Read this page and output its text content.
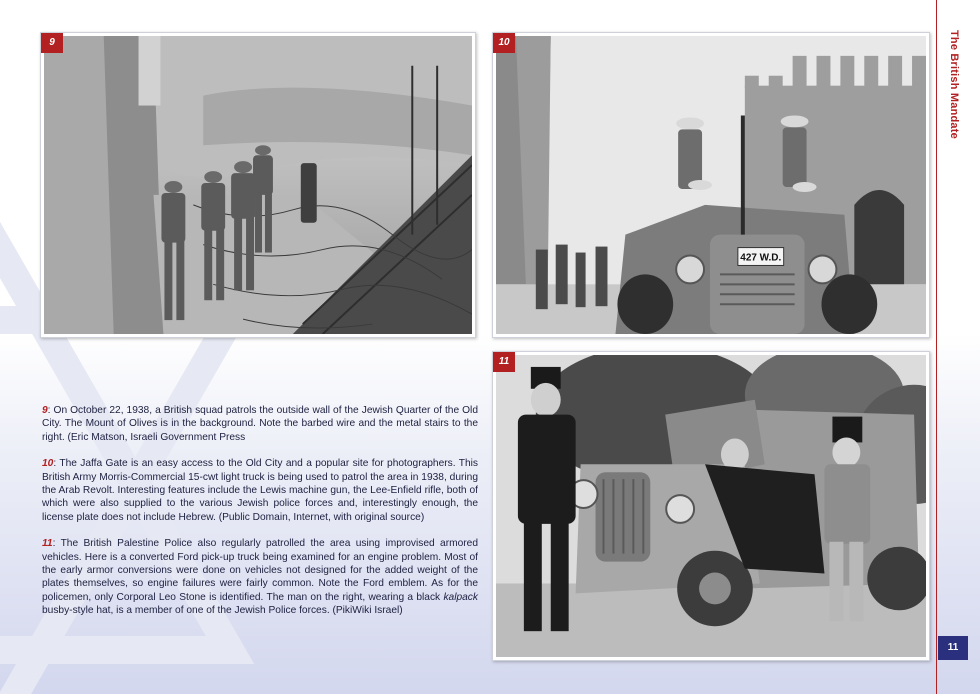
9
427 W.D.
10
11

9: On October 22, 1938, a British squad patrols the outside wall of the Jewish Quarter of the Old City. The Mount of Olives is in the background. Note the barbed wire and the metal stairs to the right. (Eric Matson, Israeli Government Press

10: The Jaffa Gate is an easy access to the Old City and a popular site for photographers. This British Army Morris-Commercial 15-cwt light truck is being used to patrol the area in 1938, during the Arab Revolt. Interesting features include the Lewis machine gun, the Lee-Enfield rifle, both of which were also supplied to the various Jewish police forces and, interestingly enough, the license plate does not include Hebrew. (Public Domain, Internet, with original source)

11: The British Palestine Police also regularly patrolled the area using improvised armored vehicles. Here is a converted Ford pick-up truck being examined for an engine problem. Most of the early armor conversions were done on vehicles not designed for the added weight of the plates themselves, so engine failures were fairly common. Note the Ford emblem. As for the policemen, only Corporal Leo Stone is identified. The man on the right, wearing a black kalpack busby-style hat, is a member of one of the Jewish Police forces. (PikiWiki Israel)

The British Mandate
11
